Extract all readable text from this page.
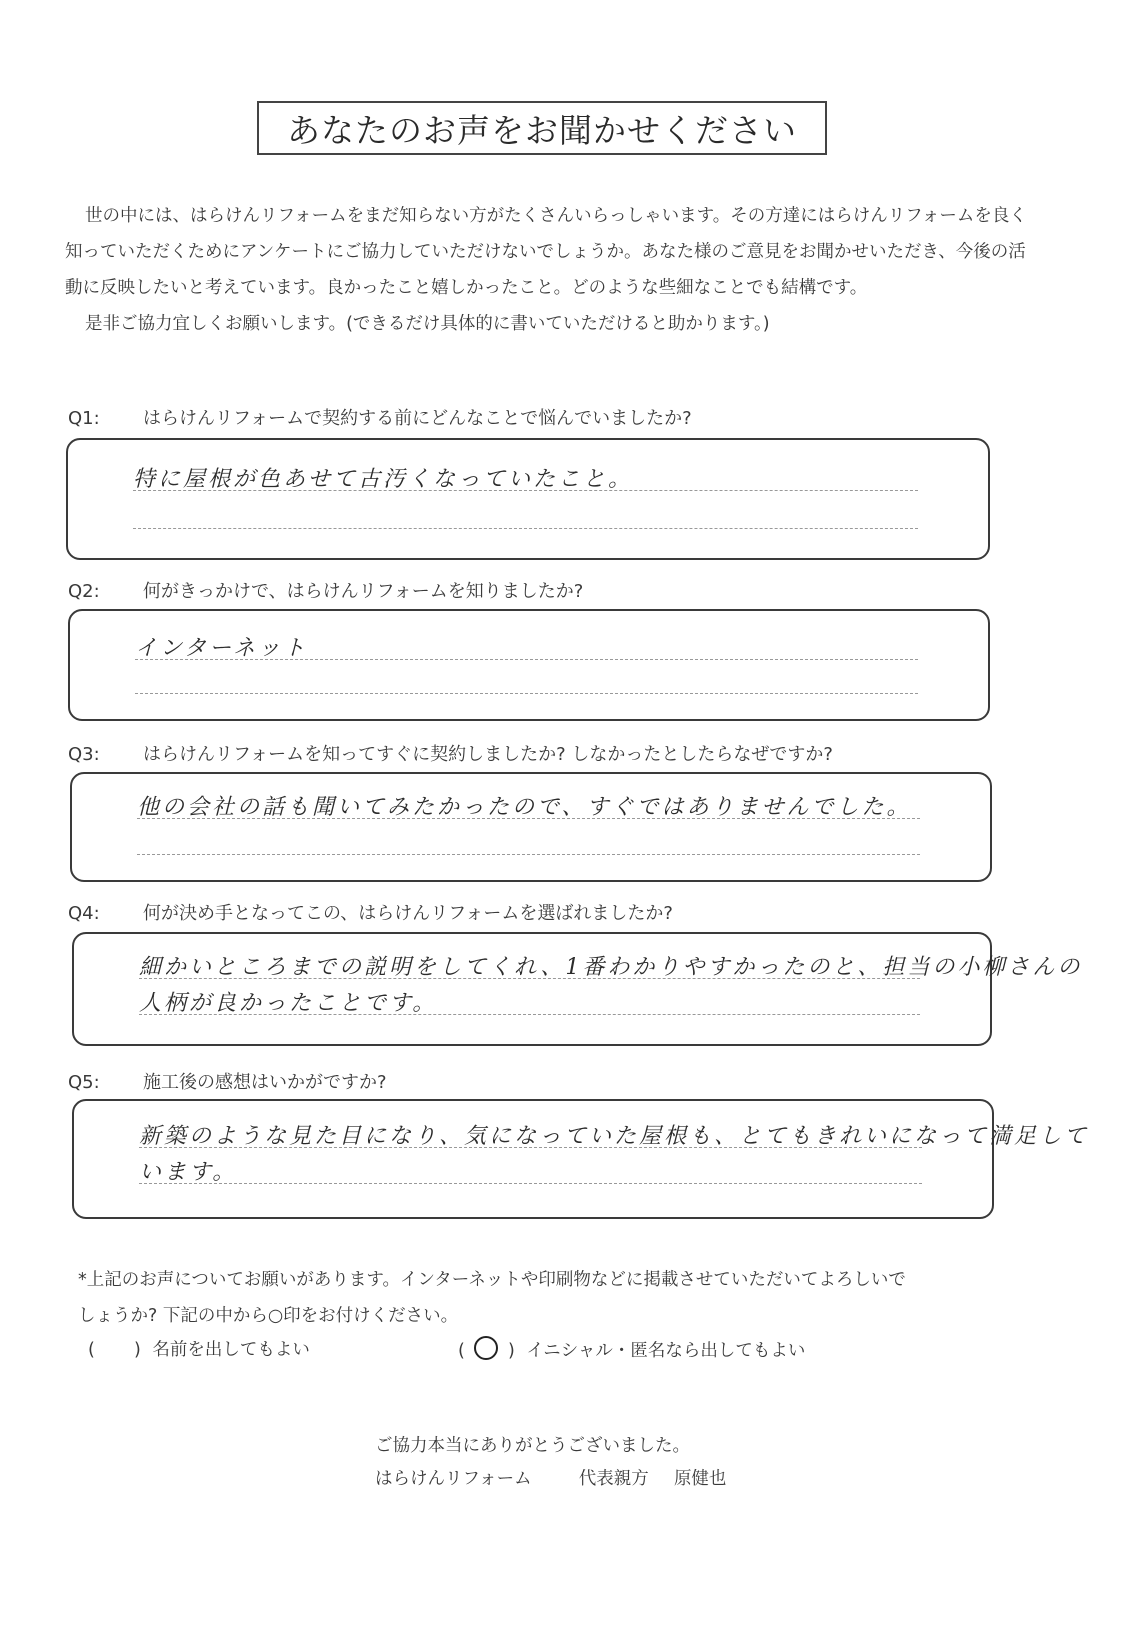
あなたのお声をお聞かせください

世の中には、はらけんリフォームをまだ知らない方がたくさんいらっしゃいます。その方達にはらけんリフォームを良く知っていただくためにアンケートにご協力していただけないでしょうか。あなた様のご意見をお聞かせいただき、今後の活動に反映したいと考えています。良かったこと嬉しかったこと。どのような些細なことでも結構です。

是非ご協力宜しくお願いします。(できるだけ具体的に書いていただけると助かります。)

Q1: はらけんリフォームで契約する前にどんなことで悩んでいましたか?
特に屋根が色あせて古汚くなっていたこと。
Q2: 何がきっかけで、はらけんリフォームを知りましたか?
インターネット
Q3: はらけんリフォームを知ってすぐに契約しましたか? しなかったとしたらなぜですか?
他の会社の話も聞いてみたかったので、すぐではありませんでした。
Q4: 何が決め手となってこの、はらけんリフォームを選ばれましたか?
細かいところまでの説明をしてくれ、1番わかりやすかったのと、担当の小柳さんの
人柄が良かったことです。
Q5: 施工後の感想はいかがですか?
新築のような見た目になり、気になっていた屋根も、とてもきれいになって満足して
います。

*上記のお声についてお願いがあります。インターネットや印刷物などに掲載させていただいてよろしいで

しょうか? 下記の中から○印をお付けください。

( ) 名前を出してもよい	( ○ ) イニシャル・匿名なら出してもよい
ご協力本当にありがとうございました。
はらけんリフォーム	代表親方 原健也
